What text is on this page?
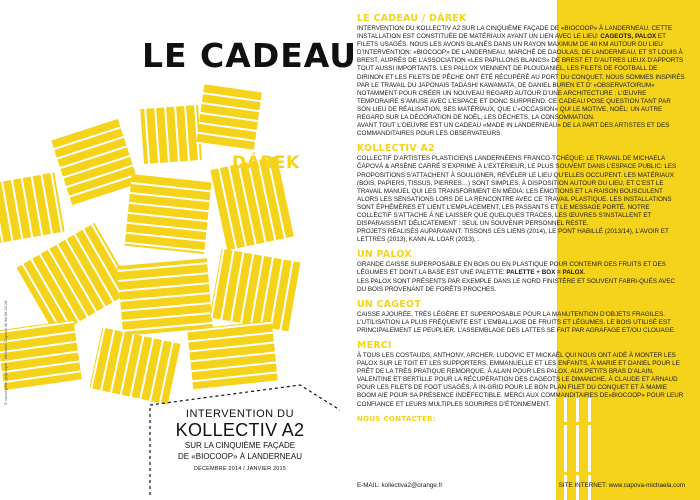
LE CADEAU
DÁREK
© conception graphique : Michaela Čápová 06 88 96 20 18
INTERVENTION DU
KOLLECTIV A2
SUR LA CINQUIÈME FAÇADE
DE «BIOCOOP» À LANDERNEAU
DÉCEMBRE 2014 / JANVIER 2015
LE CADEAU / DÁREK

INTERVENTION DU KOLLECTIV A2 SUR LA CINQUIÈME FAÇADE DE «BIOCOOP» À LANDERNEAU. CETTE INSTALLATION EST CONSTITUÉE DE MATÉRIAUX AYANT UN LIEN AVEC LE LIEU: CAGEOTS, PALOX ET FILETS USAGÉS. NOUS LES AVONS GLANÉS DANS UN RAYON MAXIMUM DE 40 KM AUTOUR DU LIEU D’INTERVENTION: «BIOCOOP» DE LANDERNEAU, MARCHÉ DE DAOULAS, DE LANDERNEAU, ET ST LOUIS À BREST, AUPRÈS DE L’ASSOCIATION «LES PAPILLONS BLANCS» DE BREST ET D’AUTRES LIEUX D’APPORTS TOUT AUSSI IMPORTANTS. LES PALLOX VIENNENT DE PLOUDANIEL, LES FILETS DE FOOTBALL DE DIRINON ET LES FILETS DE PÊCHE ONT ÉTÉ RÉCUPÉRÉ AU PORT DU CONQUET. NOUS SOMMES INSPIRÉS PAR LE TRAVAIL DU JAPONAIS TADASHI KAWAMATA, DE DANIEL BUREN ET D' «OBSERVATOIRUM» NOTAMMENT POUR CRÉER UN NOUVEAU REGARD AUTOUR D’UNE ARCHITECTURE : L’ŒUVRE TEMPORAIRE S’AMUSE AVEC L’ESPACE ET DONC SURPREND. CE CADEAU POSE QUESTION TANT PAR SON LIEU DE RÉALISATION, SES MATÉRIAUX, QUE L’«OCCASION» QUI LE MOTIVE, NOËL: UN AUTRE REGARD SUR LA DÉCORATION DE NOËL, LES DÉCHETS, LA CONSOMMATION.

AVANT TOUT L’OEUVRE EST UN CADEAU «MADE IN LANDERNEAU» DE LA PART DES ARTISTES ET DES COMMANDITAIRES POUR LES OBSERVATEURS.

KOLLECTIV A2

COLLECTIF D’ARTISTES PLASTICIENS LANDERNÉENS FRANCO-TCHÈQUE: LE TRAVAIL DE MICHAELA ČÁPOVÁ & ARSÈNE CARRÉ S’EXPRIME À L’EXTÉRIEUR, LE PLUS SOUVENT DANS L’ESPACE PUBLIC: LES PROPOSITIONS S’ATTACHENT À SOULIGNER, RÉVÉLER LE LIEU QU’ELLES OCCUPENT. LES MATÉRIAUX (BOIS, PAPIERS, TISSUS, PIERRES…) SONT SIMPLES, À DISPOSITION AUTOUR DU LIEU, ET C’EST LE TRAVAIL MANUEL QUI LES TRANSFORMENT EN MÉDIA: LES ÉMOTIONS ET LA RAISON BOUSCULENT ALORS LES SENSATIONS LORS DE LA RENCONTRE AVEC CE TRAVAIL PLASTIQUE. LES INSTALLATIONS SONT ÉPHÉMÈRES ET LIENT L’EMPLACEMENT, LES PASSANTS ET LE MESSAGE PORTÉ. NOTRE COLLECTIF S’ATTACHE À NE LAISSER QUE QUELQUES TRACES, LES ŒUVRES S’INSTALLENT ET DISPARAISSENT DÉLICATEMENT : SEUL UN SOUVENIR PERSONNEL RESTE.

PROJETS RÉALISÉS AUPARAVANT: TISSONS LES LIENS (2014), LE PONT HABILLÉ (2013/14), L’AVOIR ET LETTRES (2013), KANN AL LOAR (2013), .

UN PALOX

GRANDE CAISSE SUPERPOSABLE EN BOIS OU EN PLASTIQUE POUR CONTENIR DES FRUITS ET DES LÉGUMES ET DONT LA BASE EST UNE PALETTE: PALETTE + BOX = PALOX.

LES PALOX SONT PRÉSENTS PAR EXEMPLE DANS LE NORD FINISTÈRE ET SOUVENT FABRI-QUÉS AVEC DU BOIS PROVENANT DE FORÊTS PROCHES.

UN CAGEOT

CAISSE AJOURÉE, TRÈS LÉGÈRE ET SUPERPOSABLE POUR LA MANUTENTION D’OBJETS FRAGILES. L’UTILISATION LA PLUS FRÉQUENTE EST L’EMBALLAGE DE FRUITS ET LÉGUMES. LE BOIS UTILISÉ EST PRINCIPALEMENT LE PEUPLIER. L’ASSEMBLAGE DES LATTES SE FAIT PAR AGRAFAGE ET/OU CLOUAGE.

MERCI

À TOUS LES COSTAUDS, ANTHONY, ARCHER, LUDOVIC ET MICKAËL QUI NOUS ONT AIDÉ À MONTER LES PALOX SUR LE TOIT ET LES SUPPORTERS, EMMANUELLE ET LES ENFANTS, À MARIE ET DANIEL POUR LE PRÊT DE LA TRÈS PRATIQUE REMORQUE, À ALAIN POUR LES PALOX, AUX PETITS BRAS D’ALAIN, VALENTINE ET BERTILLE POUR LA RÉCUPÉRATION DES CAGEOTS LE DIMANCHE, À CLAUDE ET ARNAUD POUR LES FILETS DE FOOT USAGÉS, À IN-GRID POUR LE BON PLAN FILET DU CONQUET ET À MAMIE BOOM AIE POUR SA PRÉSENCE INDÉFECTIBLE. MERCI AUX COMMANDITAIRES DE«BIOCOOP» POUR LEUR CONFIANCE ET LEURS MULTIPLES SOURIRES D’ÉTONNEMENT.

NOUS CONTACTER:
E-MAIL: kollectiva2@orange.fr	SITE INTERNET: www.capova-michaela.com
